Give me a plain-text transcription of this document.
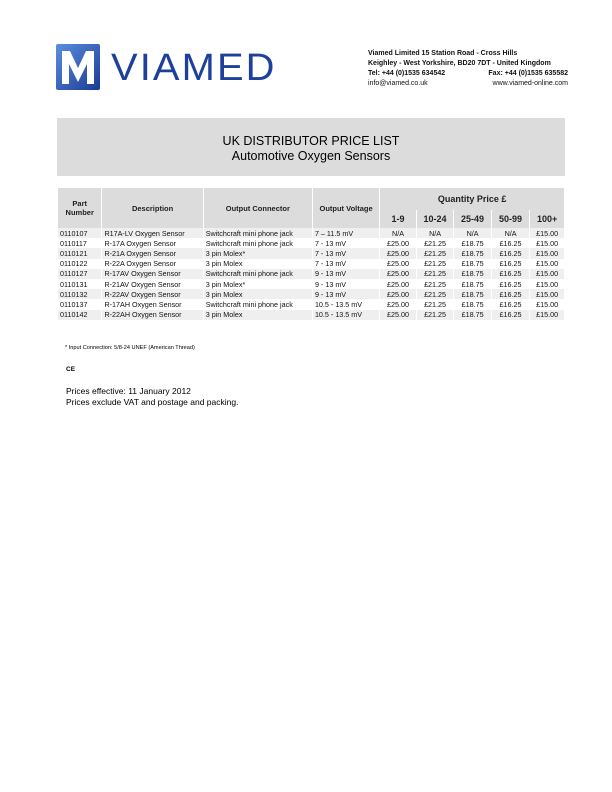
VIAMED	Viamed Limited 15 Station Road - Cross Hills
Keighley - West Yorkshire, BD20 7DT - United Kingdom
Tel: +44 (0)1535 634542	Fax: +44 (0)1535 635582
info@viamed.co.uk	www.viamed-online.com
UK DISTRIBUTOR PRICE LIST
Automotive Oxygen Sensors
Part Number	Description	Output Connector	Output Voltage	Quantity Price £				
				1-9	10-24	25-49	50-99	100+
0110107	R17A-LV Oxygen Sensor	Switchcraft mini phone jack	7 – 11.5 mV	N/A	N/A	N/A	N/A	£15.00
0110117	R-17A Oxygen Sensor	Switchcraft mini phone jack	7 - 13 mV	£25.00	£21.25	£18.75	£16.25	£15.00
0110121	R-21A Oxygen Sensor	3 pin Molex*	7 - 13 mV	£25.00	£21.25	£18.75	£16.25	£15.00
0110122	R-22A Oxygen Sensor	3 pin Molex	7 - 13 mV	£25.00	£21.25	£18.75	£16.25	£15.00
0110127	R-17AV Oxygen Sensor	Switchcraft mini phone jack	9 - 13 mV	£25.00	£21.25	£18.75	£16.25	£15.00
0110131	R-21AV Oxygen Sensor	3 pin Molex*	9 - 13 mV	£25.00	£21.25	£18.75	£16.25	£15.00
0110132	R-22AV Oxygen Sensor	3 pin Molex	9 - 13 mV	£25.00	£21.25	£18.75	£16.25	£15.00
0110137	R-17AH Oxygen Sensor	Switchcraft mini phone jack	10.5 - 13.5 mV	£25.00	£21.25	£18.75	£16.25	£15.00
0110142	R-22AH Oxygen Sensor	3 pin Molex	10.5 - 13.5 mV	£25.00	£21.25	£18.75	£16.25	£15.00
* Input Connection: 5/8-24 UNEF (American Thread)
CE
Prices effective: 11 January 2012
Prices exclude VAT and postage and packing.
